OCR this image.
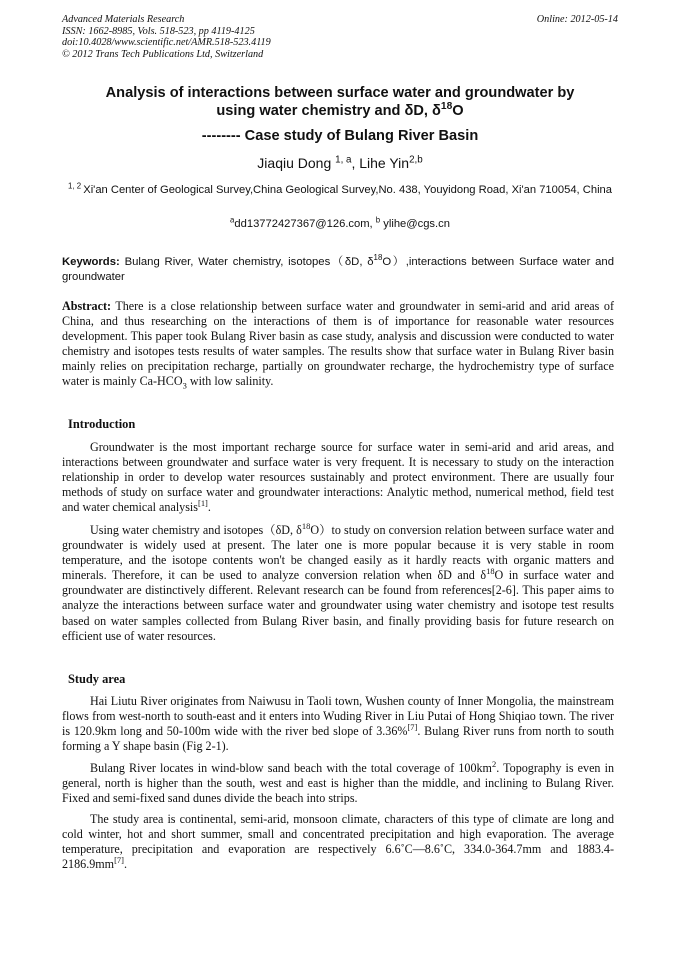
Advanced Materials Research
ISSN: 1662-8985, Vols. 518-523, pp 4119-4125
doi:10.4028/www.scientific.net/AMR.518-523.4119
© 2012 Trans Tech Publications Ltd, Switzerland
Online: 2012-05-14
Analysis of interactions between surface water and groundwater by
using water chemistry and δD, $\delta^{18}O$
-------- Case study of Bulang River Basin
Jiaqiu Dong $^{1, a}$, Lihe Yin$^{2,b}$
$^{1, 2}$ Xi'an Center of Geological Survey,China Geological Survey,No. 438, Youyidong Road, Xi'an 710054, China
$^a$dd13772427367@126.com, $^b$ ylihe@cgs.cn
Keywords: Bulang River, Water chemistry, isotopes（δD, $\delta^{18}O),interactions$ between Surface water and groundwater
Abstract: There is a close relationship between surface water and groundwater in semi-arid and arid areas of China, and thus researching on the interactions of them is of importance for reasonable water resources development. This paper took Bulang River basin as case study, analysis and discussion were conducted to water chemistry and isotopes tests results of water samples. The results show that surface water in Bulang River basin mainly relies on precipitation recharge, partially on groundwater recharge, the hydrochemistry type of surface water is mainly $Ca-HCO_3$ with low salinity.
Introduction

Groundwater is the most important recharge source for surface water in semi-arid and arid areas, and interactions between groundwater and surface water is very frequent. It is necessary to study on the interaction relationship in order to develop water resources sustainably and protect environment. There are usually four methods of study on surface water and groundwater interactions: Analytic method, numerical method, field test and water chemical analysis[1].

Using water chemistry and isotopes（δD, $\delta^{18}O)to$ study on conversion relation between surface water and groundwater is widely used at present. The later one is more popular because it is very stable in room temperature, and the isotope contents won't be changed easily as it hardly reacts with organic matters and minerals. Therefore, it can be used to analyze conversion relation when δD and $\delta^{18}O$ in surface water and groundwater are distinctively different. Relevant research can be found from references[2-6]. This paper aims to analyze the interactions between surface water and groundwater using water chemistry and isotope test results based on water samples collected from Bulang River basin, and finally providing basis for future research on efficient use of water resources.

Study area

Hai Liutu River originates from Naiwusu in Taoli town, Wushen county of Inner Mongolia, the mainstream flows from west-north to south-east and it enters into Wuding River in Liu Putai of Hong Shiqiao town. The river is 120.9km long and 50-100m wide with the river bed slope of 3.36%[7]. Bulang River runs from north to south forming a Y shape basin (Fig 2-1).

Bulang River locates in wind-blow sand beach with the total coverage of $100km^2$. Topography is even in general, north is higher than the south, west and east is higher than the middle, and inclining to Bulang River. Fixed and semi-fixed sand dunes divide the beach into strips.

The study area is continental, semi-arid, monsoon climate, characters of this type of climate are long and cold winter, hot and short summer, small and concentrated precipitation and high evaporation. The average temperature, precipitation and evaporation are respectively 6.6˚C—8.6˚C, 334.0-364.7mm and 1883.4-2186.9mm[7].
